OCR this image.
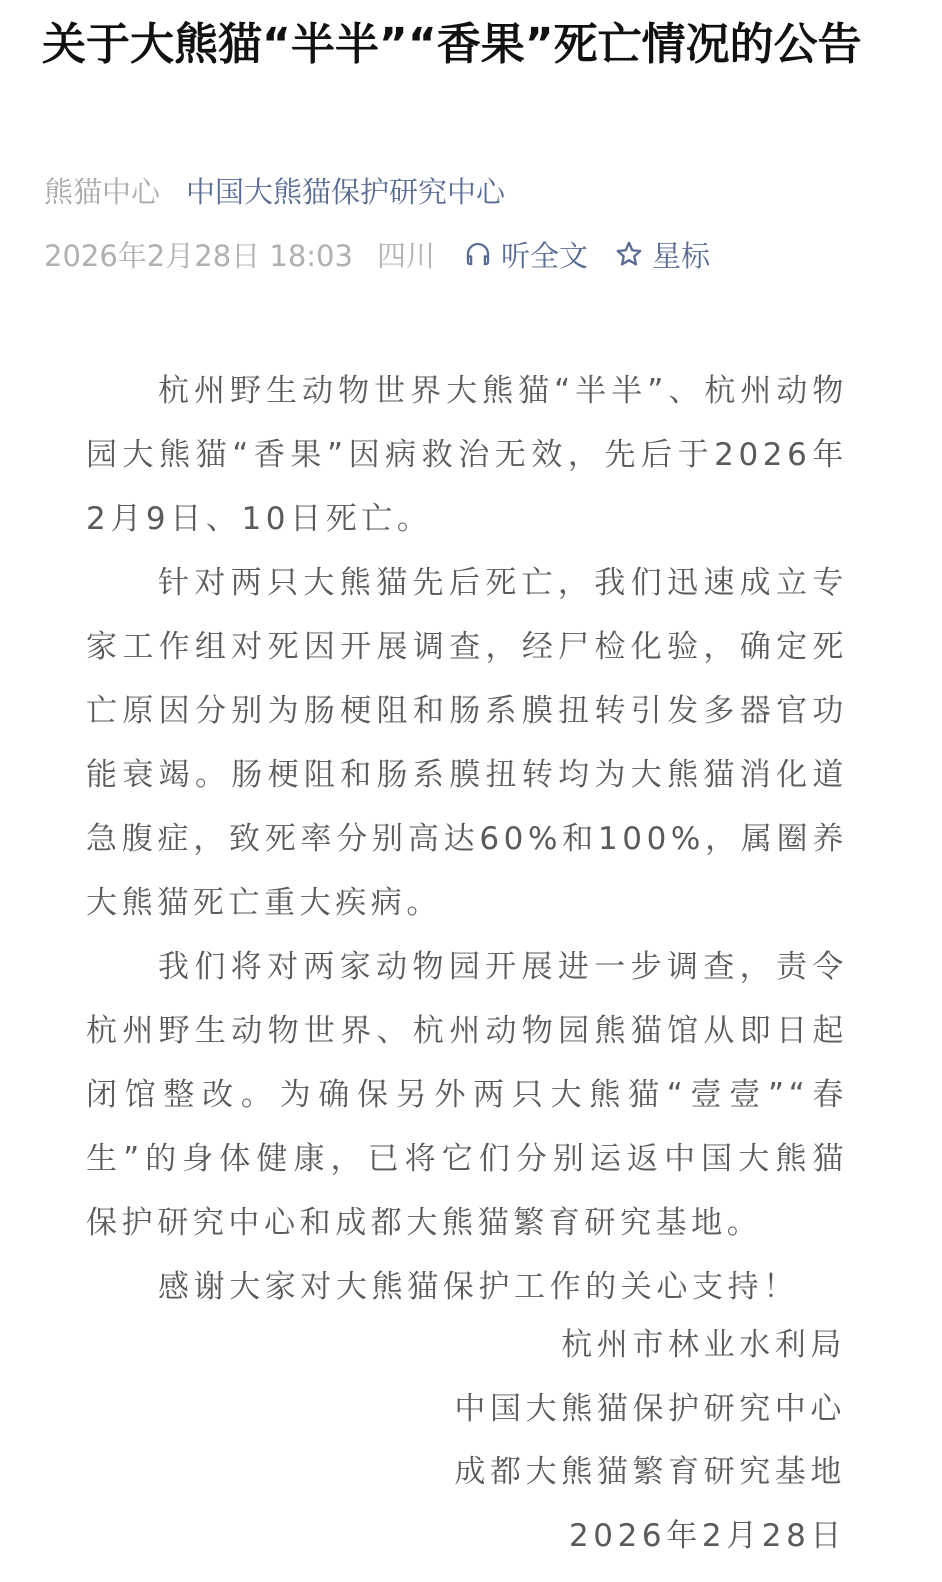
关于大熊猫“半半”“香果”死亡情况的公告
熊猫中心 中国大熊猫保护研究中心
2026年2月28日 18:03 四川 听全文 星标

杭州野生动物世界大熊猫“半半”、杭州动物园大熊猫“香果”因病救治无效，先后于2026年2月9日、10日死亡。

针对两只大熊猫先后死亡，我们迅速成立专家工作组对死因开展调查，经尸检化验，确定死亡原因分别为肠梗阻和肠系膜扭转引发多器官功能衰竭。肠梗阻和肠系膜扭转均为大熊猫消化道急腹症，致死率分别高达60%和100%，属圈养大熊猫死亡重大疾病。

我们将对两家动物园开展进一步调查，责令杭州野生动物世界、杭州动物园熊猫馆从即日起闭馆整改。为确保另外两只大熊猫“壹壹”“春生”的身体健康，已将它们分别运返中国大熊猫保护研究中心和成都大熊猫繁育研究基地。

感谢大家对大熊猫保护工作的关心支持！

杭州市林业水利局
中国大熊猫保护研究中心
成都大熊猫繁育研究基地
2026年2月28日
